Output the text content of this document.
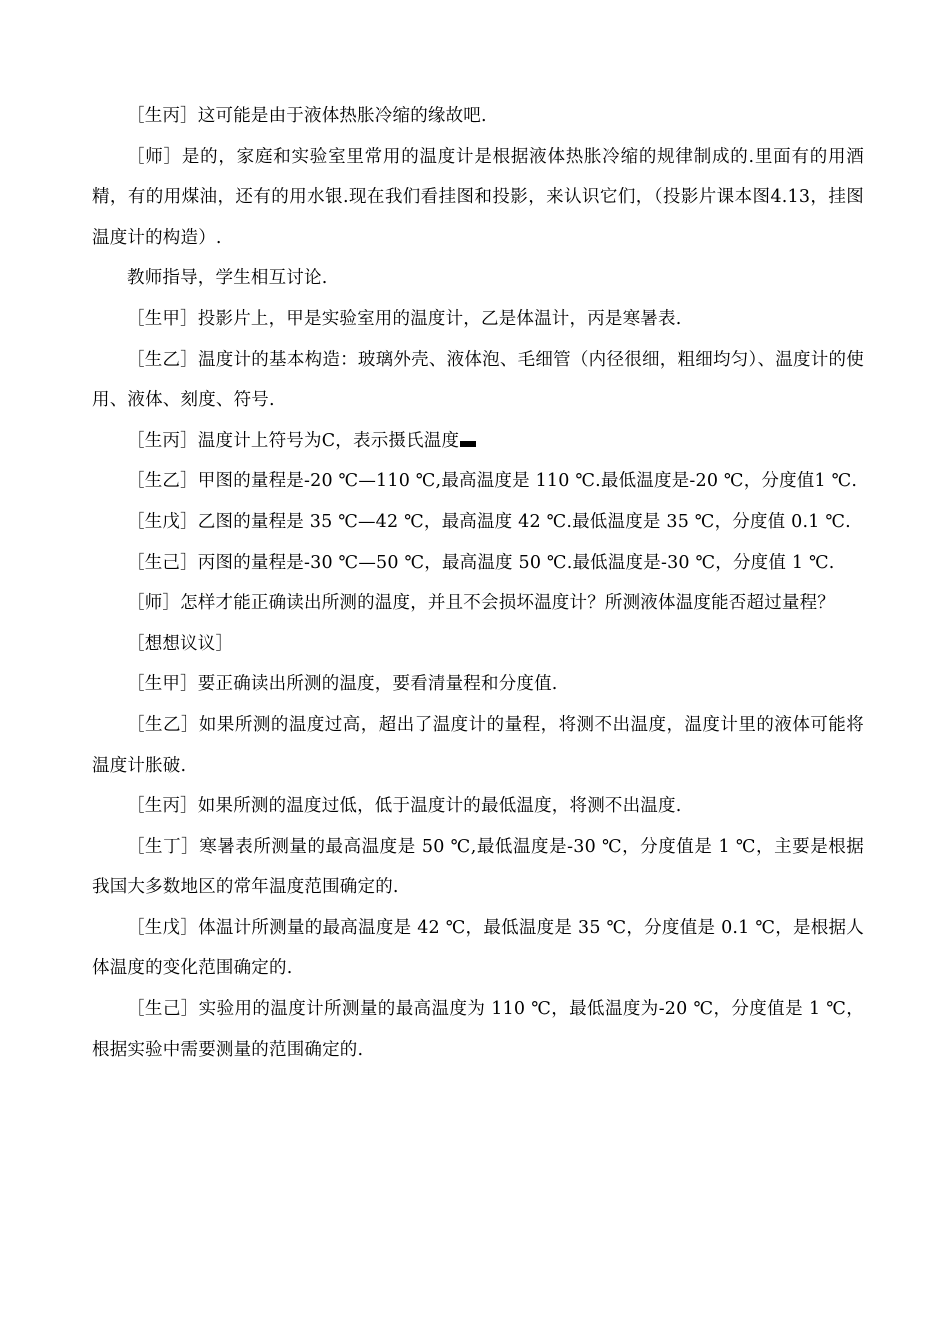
［生丙］这可能是由于液体热胀冷缩的缘故吧.

［师］是的，家庭和实验室里常用的温度计是根据液体热胀冷缩的规律制成的.里面有的用酒精，有的用煤油，还有的用水银.现在我们看挂图和投影，来认识它们，（投影片课本图4.13，挂图温度计的构造）.

教师指导，学生相互讨论.

［生甲］投影片上，甲是实验室用的温度计，乙是体温计，丙是寒暑表.

［生乙］温度计的基本构造：玻璃外壳、液体泡、毛细管（内径很细，粗细均匀）、温度计的使用、液体、刻度、符号.

［生丙］温度计上符号为C，表示摄氏温度

［生乙］甲图的量程是-20 ℃—110 ℃,最高温度是 110 ℃.最低温度是-20 ℃，分度值1 ℃.

［生戊］乙图的量程是 35 ℃—42 ℃，最高温度 42 ℃.最低温度是 35 ℃，分度值 0.1 ℃.

［生己］丙图的量程是-30 ℃—50 ℃，最高温度 50 ℃.最低温度是-30 ℃，分度值 1 ℃.

［师］怎样才能正确读出所测的温度，并且不会损坏温度计？所测液体温度能否超过量程？

［想想议议］

［生甲］要正确读出所测的温度，要看清量程和分度值.

［生乙］如果所测的温度过高，超出了温度计的量程，将测不出温度，温度计里的液体可能将温度计胀破.

［生丙］如果所测的温度过低，低于温度计的最低温度，将测不出温度.

［生丁］寒暑表所测量的最高温度是 50 ℃,最低温度是-30 ℃，分度值是 1 ℃，主要是根据我国大多数地区的常年温度范围确定的.

［生戊］体温计所测量的最高温度是 42 ℃，最低温度是 35 ℃，分度值是 0.1 ℃，是根据人体温度的变化范围确定的.

［生己］实验用的温度计所测量的最高温度为 110 ℃，最低温度为-20 ℃，分度值是 1 ℃，根据实验中需要测量的范围确定的.
